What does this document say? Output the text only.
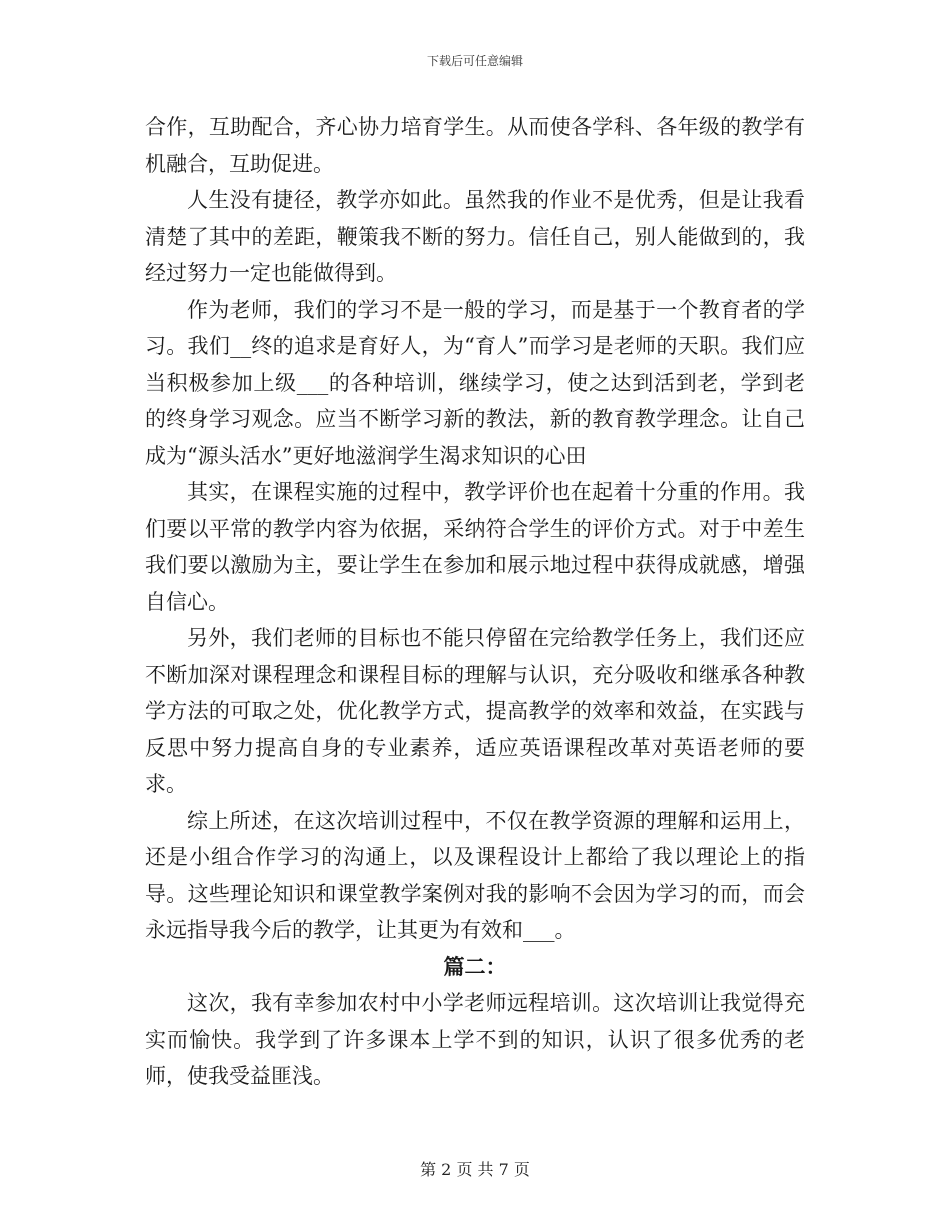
下载后可任意编辑

合作，互助配合，齐心协力培育学生。从而使各学科、各年级的教学有机融合，互助促进。

人生没有捷径，教学亦如此。虽然我的作业不是优秀，但是让我看清楚了其中的差距，鞭策我不断的努力。信任自己，别人能做到的，我经过努力一定也能做得到。

作为老师，我们的学习不是一般的学习，而是基于一个教育者的学习。我们__终的追求是育好人，为“育人”而学习是老师的天职。我们应当积极参加上级___的各种培训，继续学习，使之达到活到老，学到老的终身学习观念。应当不断学习新的教法，新的教育教学理念。让自己成为“源头活水”更好地滋润学生渴求知识的心田

其实，在课程实施的过程中，教学评价也在起着十分重的作用。我们要以平常的教学内容为依据，采纳符合学生的评价方式。对于中差生我们要以激励为主，要让学生在参加和展示地过程中获得成就感，增强自信心。

另外，我们老师的目标也不能只停留在完给教学任务上，我们还应不断加深对课程理念和课程目标的理解与认识，充分吸收和继承各种教学方法的可取之处，优化教学方式，提高教学的效率和效益，在实践与反思中努力提高自身的专业素养，适应英语课程改革对英语老师的要求。

综上所述，在这次培训过程中，不仅在教学资源的理解和运用上，还是小组合作学习的沟通上，以及课程设计上都给了我以理论上的指导。这些理论知识和课堂教学案例对我的影响不会因为学习的而，而会永远指导我今后的教学，让其更为有效和___。

篇二：

这次，我有幸参加农村中小学老师远程培训。这次培训让我觉得充实而愉快。我学到了许多课本上学不到的知识，认识了很多优秀的老师，使我受益匪浅。

第 2 页 共 7 页
